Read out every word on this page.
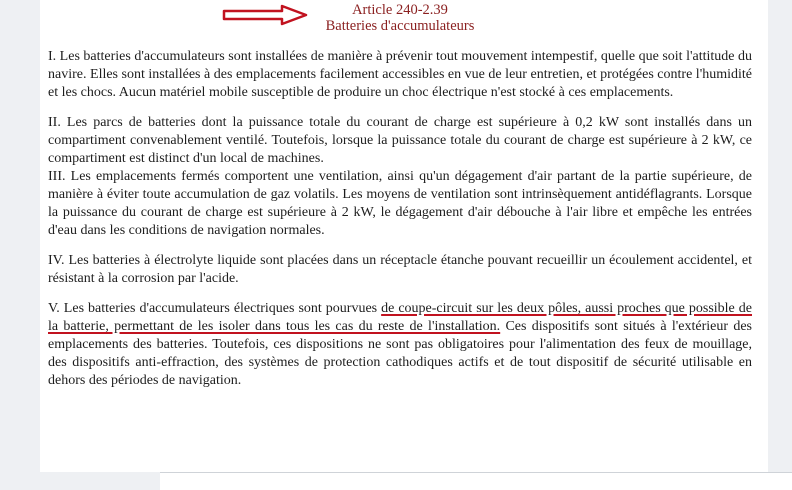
Article 240-2.39
Batteries d'accumulateurs

I. Les batteries d'accumulateurs sont installées de manière à prévenir tout mouvement intempestif, quelle que soit l'attitude du navire. Elles sont installées à des emplacements facilement accessibles en vue de leur entretien, et protégées contre l'humidité et les chocs. Aucun matériel mobile susceptible de produire un choc électrique n'est stocké à ces emplacements.

II. Les parcs de batteries dont la puissance totale du courant de charge est supérieure à 0,2 kW sont installés dans un compartiment convenablement ventilé. Toutefois, lorsque la puissance totale du courant de charge est supérieure à 2 kW, ce compartiment est distinct d'un local de machines.

III. Les emplacements fermés comportent une ventilation, ainsi qu'un dégagement d'air partant de la partie supérieure, de manière à éviter toute accumulation de gaz volatils. Les moyens de ventilation sont intrinsèquement antidéflagrants. Lorsque la puissance du courant de charge est supérieure à 2 kW, le dégagement d'air débouche à l'air libre et empêche les entrées d'eau dans les conditions de navigation normales.

IV. Les batteries à électrolyte liquide sont placées dans un réceptacle étanche pouvant recueillir un écoulement accidentel, et résistant à la corrosion par l'acide.

V. Les batteries d'accumulateurs électriques sont pourvues de coupe-circuit sur les deux pôles, aussi proches que possible de la batterie, permettant de les isoler dans tous les cas du reste de l'installation. Ces dispositifs sont situés à l'extérieur des emplacements des batteries. Toutefois, ces dispositions ne sont pas obligatoires pour l'alimentation des feux de mouillage, des dispositifs anti-effraction, des systèmes de protection cathodiques actifs et de tout dispositif de sécurité utilisable en dehors des périodes de navigation.
